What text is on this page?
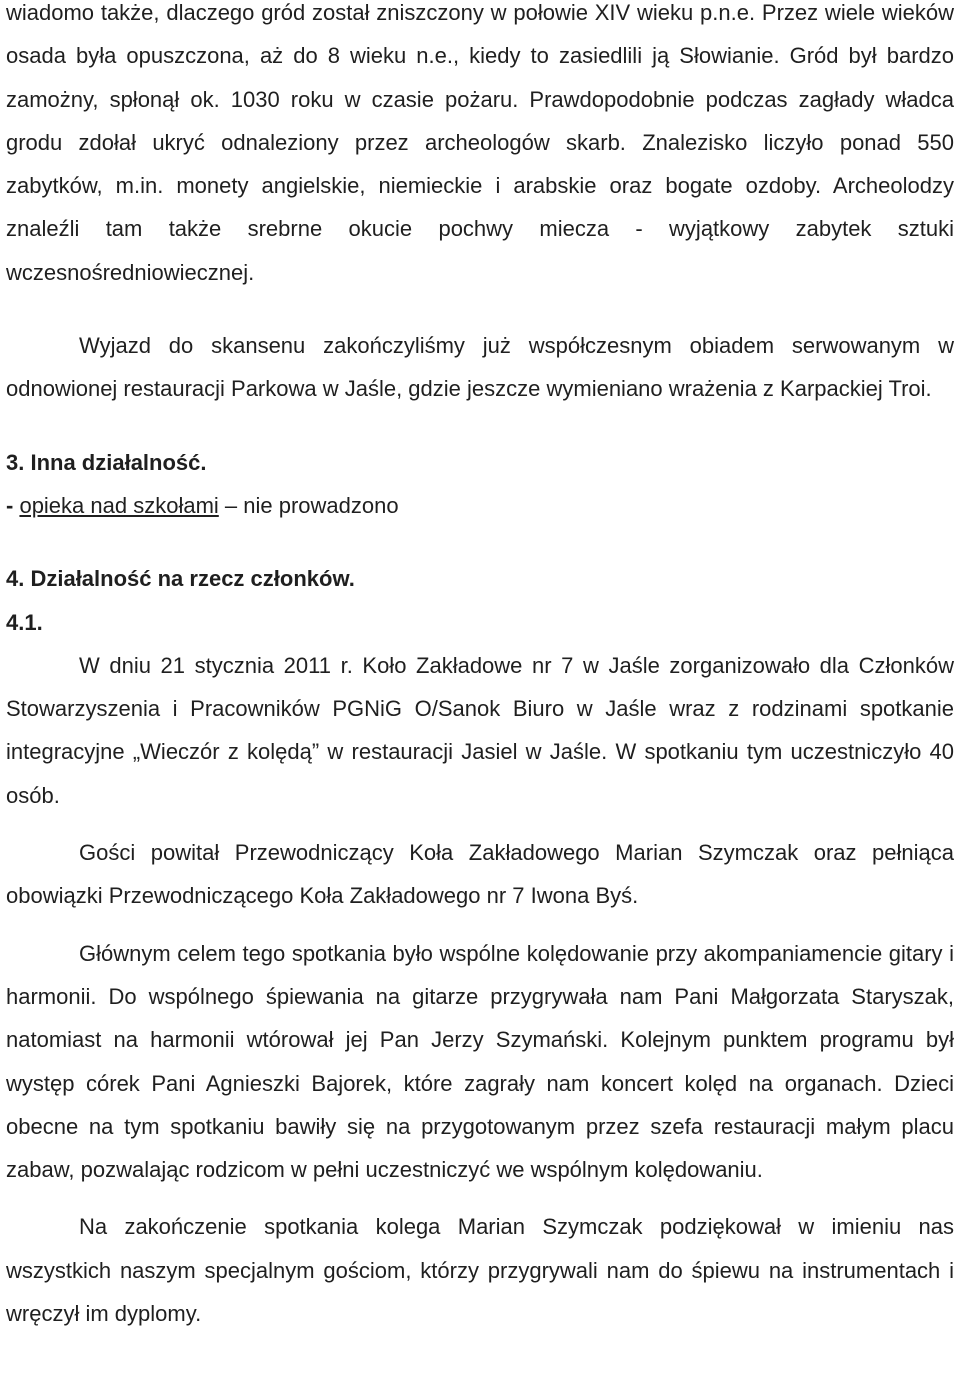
wiadomo także, dlaczego gród został zniszczony w połowie XIV wieku p.n.e. Przez wiele wieków osada była opuszczona, aż do 8 wieku n.e., kiedy to zasiedlili ją Słowianie. Gród był bardzo zamożny, spłonął ok. 1030 roku w czasie pożaru. Prawdopodobnie podczas zagłady władca grodu zdołał ukryć odnaleziony przez archeologów skarb. Znalezisko liczyło ponad 550 zabytków, m.in. monety angielskie, niemieckie i arabskie oraz bogate ozdoby. Archeolodzy znaleźli tam także srebrne okucie pochwy miecza - wyjątkowy zabytek sztuki wczesnośredniowiecznej.

Wyjazd do skansenu zakończyliśmy już współczesnym obiadem serwowanym w odnowionej restauracji Parkowa w Jaśle, gdzie jeszcze wymieniano wrażenia z Karpackiej Troi.

3. Inna działalność.

- opieka nad szkołami – nie prowadzono

4. Działalność na rzecz członków.

4.1.

W dniu 21 stycznia 2011 r. Koło Zakładowe nr 7 w Jaśle zorganizowało dla Członków Stowarzyszenia i Pracowników PGNiG O/Sanok Biuro w Jaśle wraz z rodzinami spotkanie integracyjne „Wieczór z kolędą” w restauracji Jasiel w Jaśle. W spotkaniu tym uczestniczyło 40 osób.

Gości powitał Przewodniczący Koła Zakładowego Marian Szymczak oraz pełniąca obowiązki Przewodniczącego Koła Zakładowego nr 7 Iwona Byś.

Głównym celem tego spotkania było wspólne kolędowanie przy akompaniamencie gitary i harmonii. Do wspólnego śpiewania na gitarze przygrywała nam Pani Małgorzata Staryszak, natomiast na harmonii wtórował jej Pan Jerzy Szymański. Kolejnym punktem programu był występ córek Pani Agnieszki Bajorek, które zagrały nam koncert kolęd na organach. Dzieci obecne na tym spotkaniu bawiły się na przygotowanym przez szefa restauracji małym placu zabaw, pozwalając rodzicom w pełni uczestniczyć we wspólnym kolędowaniu.

Na zakończenie spotkania kolega Marian Szymczak podziękował w imieniu nas wszystkich naszym specjalnym gościom, którzy przygrywali nam do śpiewu na instrumentach i wręczył im dyplomy.
